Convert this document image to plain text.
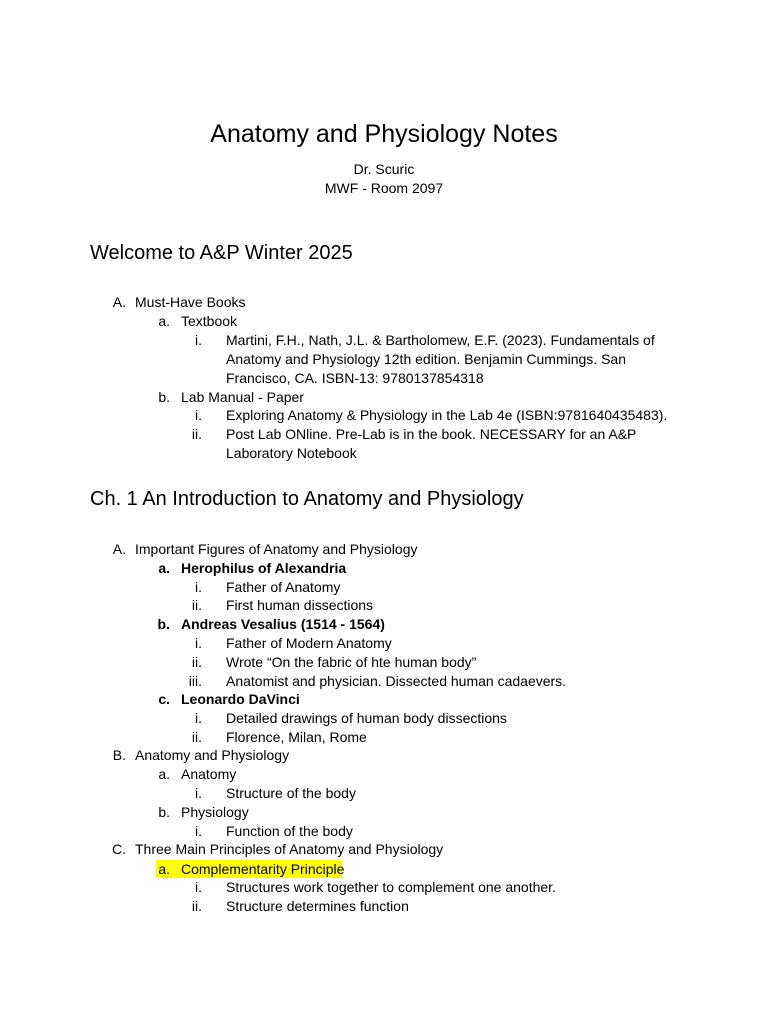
Anatomy and Physiology Notes
Dr. Scuric
MWF - Room 2097
Welcome to A&P Winter 2025
A. Must-Have Books
a. Textbook
i. Martini, F.H., Nath, J.L. & Bartholomew, E.F. (2023). Fundamentals of
Anatomy and Physiology 12th edition. Benjamin Cummings. San
Francisco, CA. ISBN-13: 9780137854318
b. Lab Manual - Paper
i. Exploring Anatomy & Physiology in the Lab 4e (ISBN:9781640435483).
ii. Post Lab ONline. Pre-Lab is in the book. NECESSARY for an A&P
Laboratory Notebook
Ch. 1 An Introduction to Anatomy and Physiology
A. Important Figures of Anatomy and Physiology
a. Herophilus of Alexandria
i. Father of Anatomy
ii. First human dissections
b. Andreas Vesalius (1514 - 1564)
i. Father of Modern Anatomy
ii. Wrote “On the fabric of hte human body”
iii. Anatomist and physician. Dissected human cadaevers.
c. Leonardo DaVinci
i. Detailed drawings of human body dissections
ii. Florence, Milan, Rome
B. Anatomy and Physiology
a. Anatomy
i. Structure of the body
b. Physiology
i. Function of the body
C. Three Main Principles of Anatomy and Physiology
a. Complementarity Principle
i. Structures work together to complement one another.
ii. Structure determines function
